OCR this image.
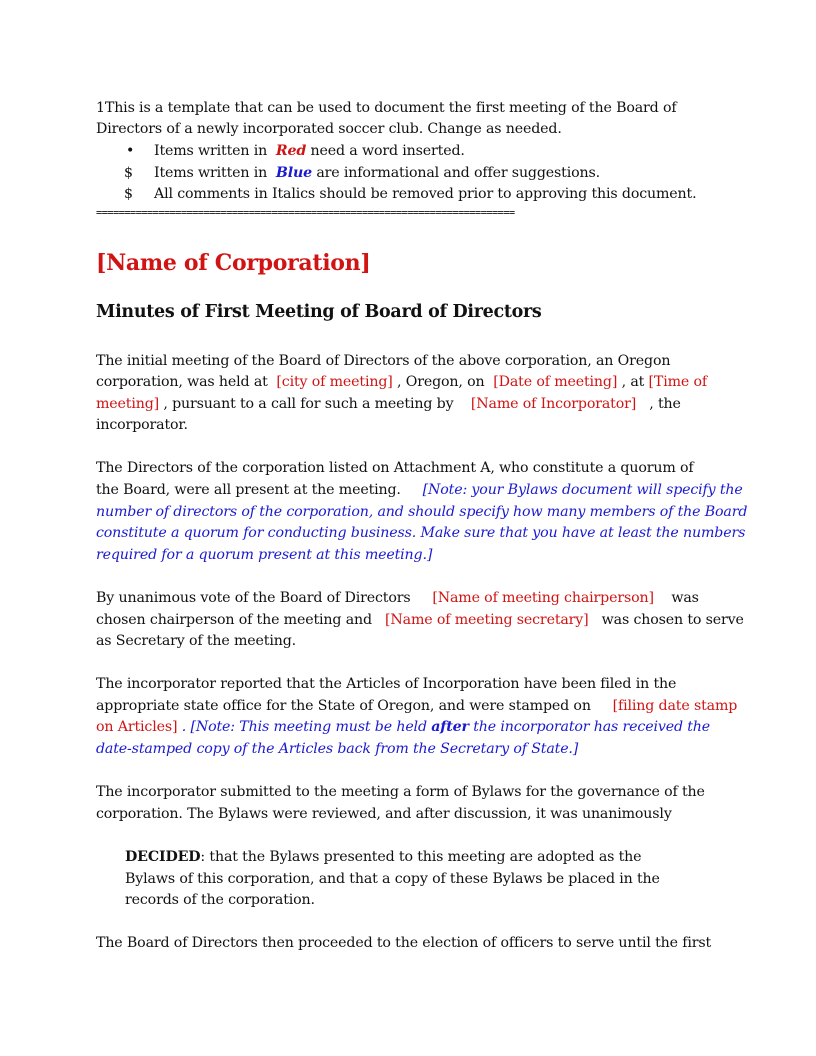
1This is a template that can be used to document the first meeting of the Board of
Directors of a newly incorporated soccer club. Change as needed.
• Items written in  Red need a word inserted.
$ Items written in  Blue are informational and offer suggestions.
$ All comments in Italics should be removed prior to approving this document.
==========================================================================
[Name of Corporation]
Minutes of First Meeting of Board of Directors
The initial meeting of the Board of Directors of the above corporation, an Oregon
corporation, was held at  [city of meeting] , Oregon, on  [Date of meeting] , at [Time of
meeting] , pursuant to a call for such a meeting by    [Name of Incorporator]   , the
incorporator.
The Directors of the corporation listed on Attachment A, who constitute a quorum of
the Board, were all present at the meeting.     [Note: your Bylaws document will specify the
number of directors of the corporation, and should specify how many members of the Board
constitute a quorum for conducting business. Make sure that you have at least the numbers
required for a quorum present at this meeting.]
By unanimous vote of the Board of Directors     [Name of meeting chairperson]    was
chosen chairperson of the meeting and   [Name of meeting secretary]   was chosen to serve
as Secretary of the meeting.
The incorporator reported that the Articles of Incorporation have been filed in the
appropriate state office for the State of Oregon, and were stamped on     [filing date stamp
on Articles] . [Note: This meeting must be held after the incorporator has received the
date-stamped copy of the Articles back from the Secretary of State.]
The incorporator submitted to the meeting a form of Bylaws for the governance of the
corporation. The Bylaws were reviewed, and after discussion, it was unanimously
DECIDED: that the Bylaws presented to this meeting are adopted as the
Bylaws of this corporation, and that a copy of these Bylaws be placed in the
records of the corporation.
The Board of Directors then proceeded to the election of officers to serve until the first
